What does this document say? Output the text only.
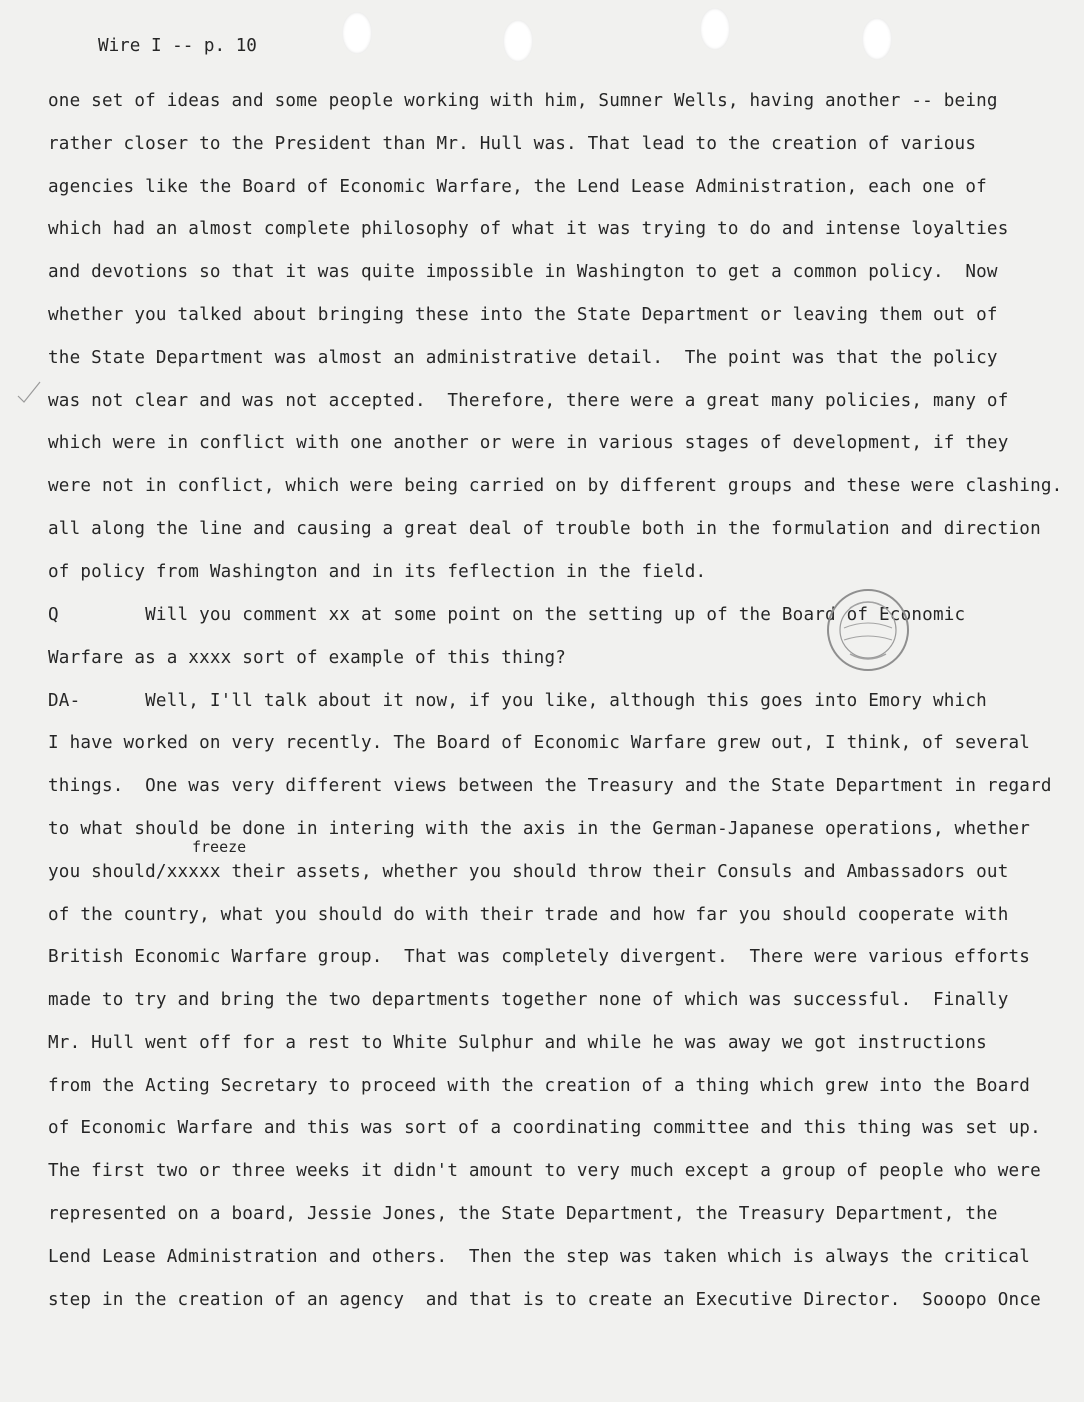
Wire I -- p. 10
one set of ideas and some people working with him, Sumner Wells, having another -- being
rather closer to the President than Mr. Hull was. That lead to the creation of various
agencies like the Board of Economic Warfare, the Lend Lease Administration, each one of
which had an almost complete philosophy of what it was trying to do and intense loyalties
and devotions so that it was quite impossible in Washington to get a common policy.  Now
whether you talked about bringing these into the State Department or leaving them out of
the State Department was almost an administrative detail.  The point was that the policy
was not clear and was not accepted.  Therefore, there were a great many policies, many of
which were in conflict with one another or were in various stages of development, if they
were not in conflict, which were being carried on by different groups and these were clashing.
all along the line and causing a great deal of trouble both in the formulation and direction
of policy from Washington and in its feflection in the field.
Q        Will you comment xx at some point on the setting up of the Board of Economic
Warfare as a xxxx sort of example of this thing?
DA-      Well, I'll talk about it now, if you like, although this goes into Emory which
I have worked on very recently. The Board of Economic Warfare grew out, I think, of several
things.  One was very different views between the Treasury and the State Department in regard
to what should be done in intering with the axis in the German-Japanese operations, whether
freeze
you should/xxxxx their assets, whether you should throw their Consuls and Ambassadors out
of the country, what you should do with their trade and how far you should cooperate with
British Economic Warfare group.  That was completely divergent.  There were various efforts
made to try and bring the two departments together none of which was successful.  Finally
Mr. Hull went off for a rest to White Sulphur and while he was away we got instructions
from the Acting Secretary to proceed with the creation of a thing which grew into the Board
of Economic Warfare and this was sort of a coordinating committee and this thing was set up.
The first two or three weeks it didn't amount to very much except a group of people who were
represented on a board, Jessie Jones, the State Department, the Treasury Department, the
Lend Lease Administration and others.  Then the step was taken which is always the critical
step in the creation of an agency  and that is to create an Executive Director.  Sooopo Once
